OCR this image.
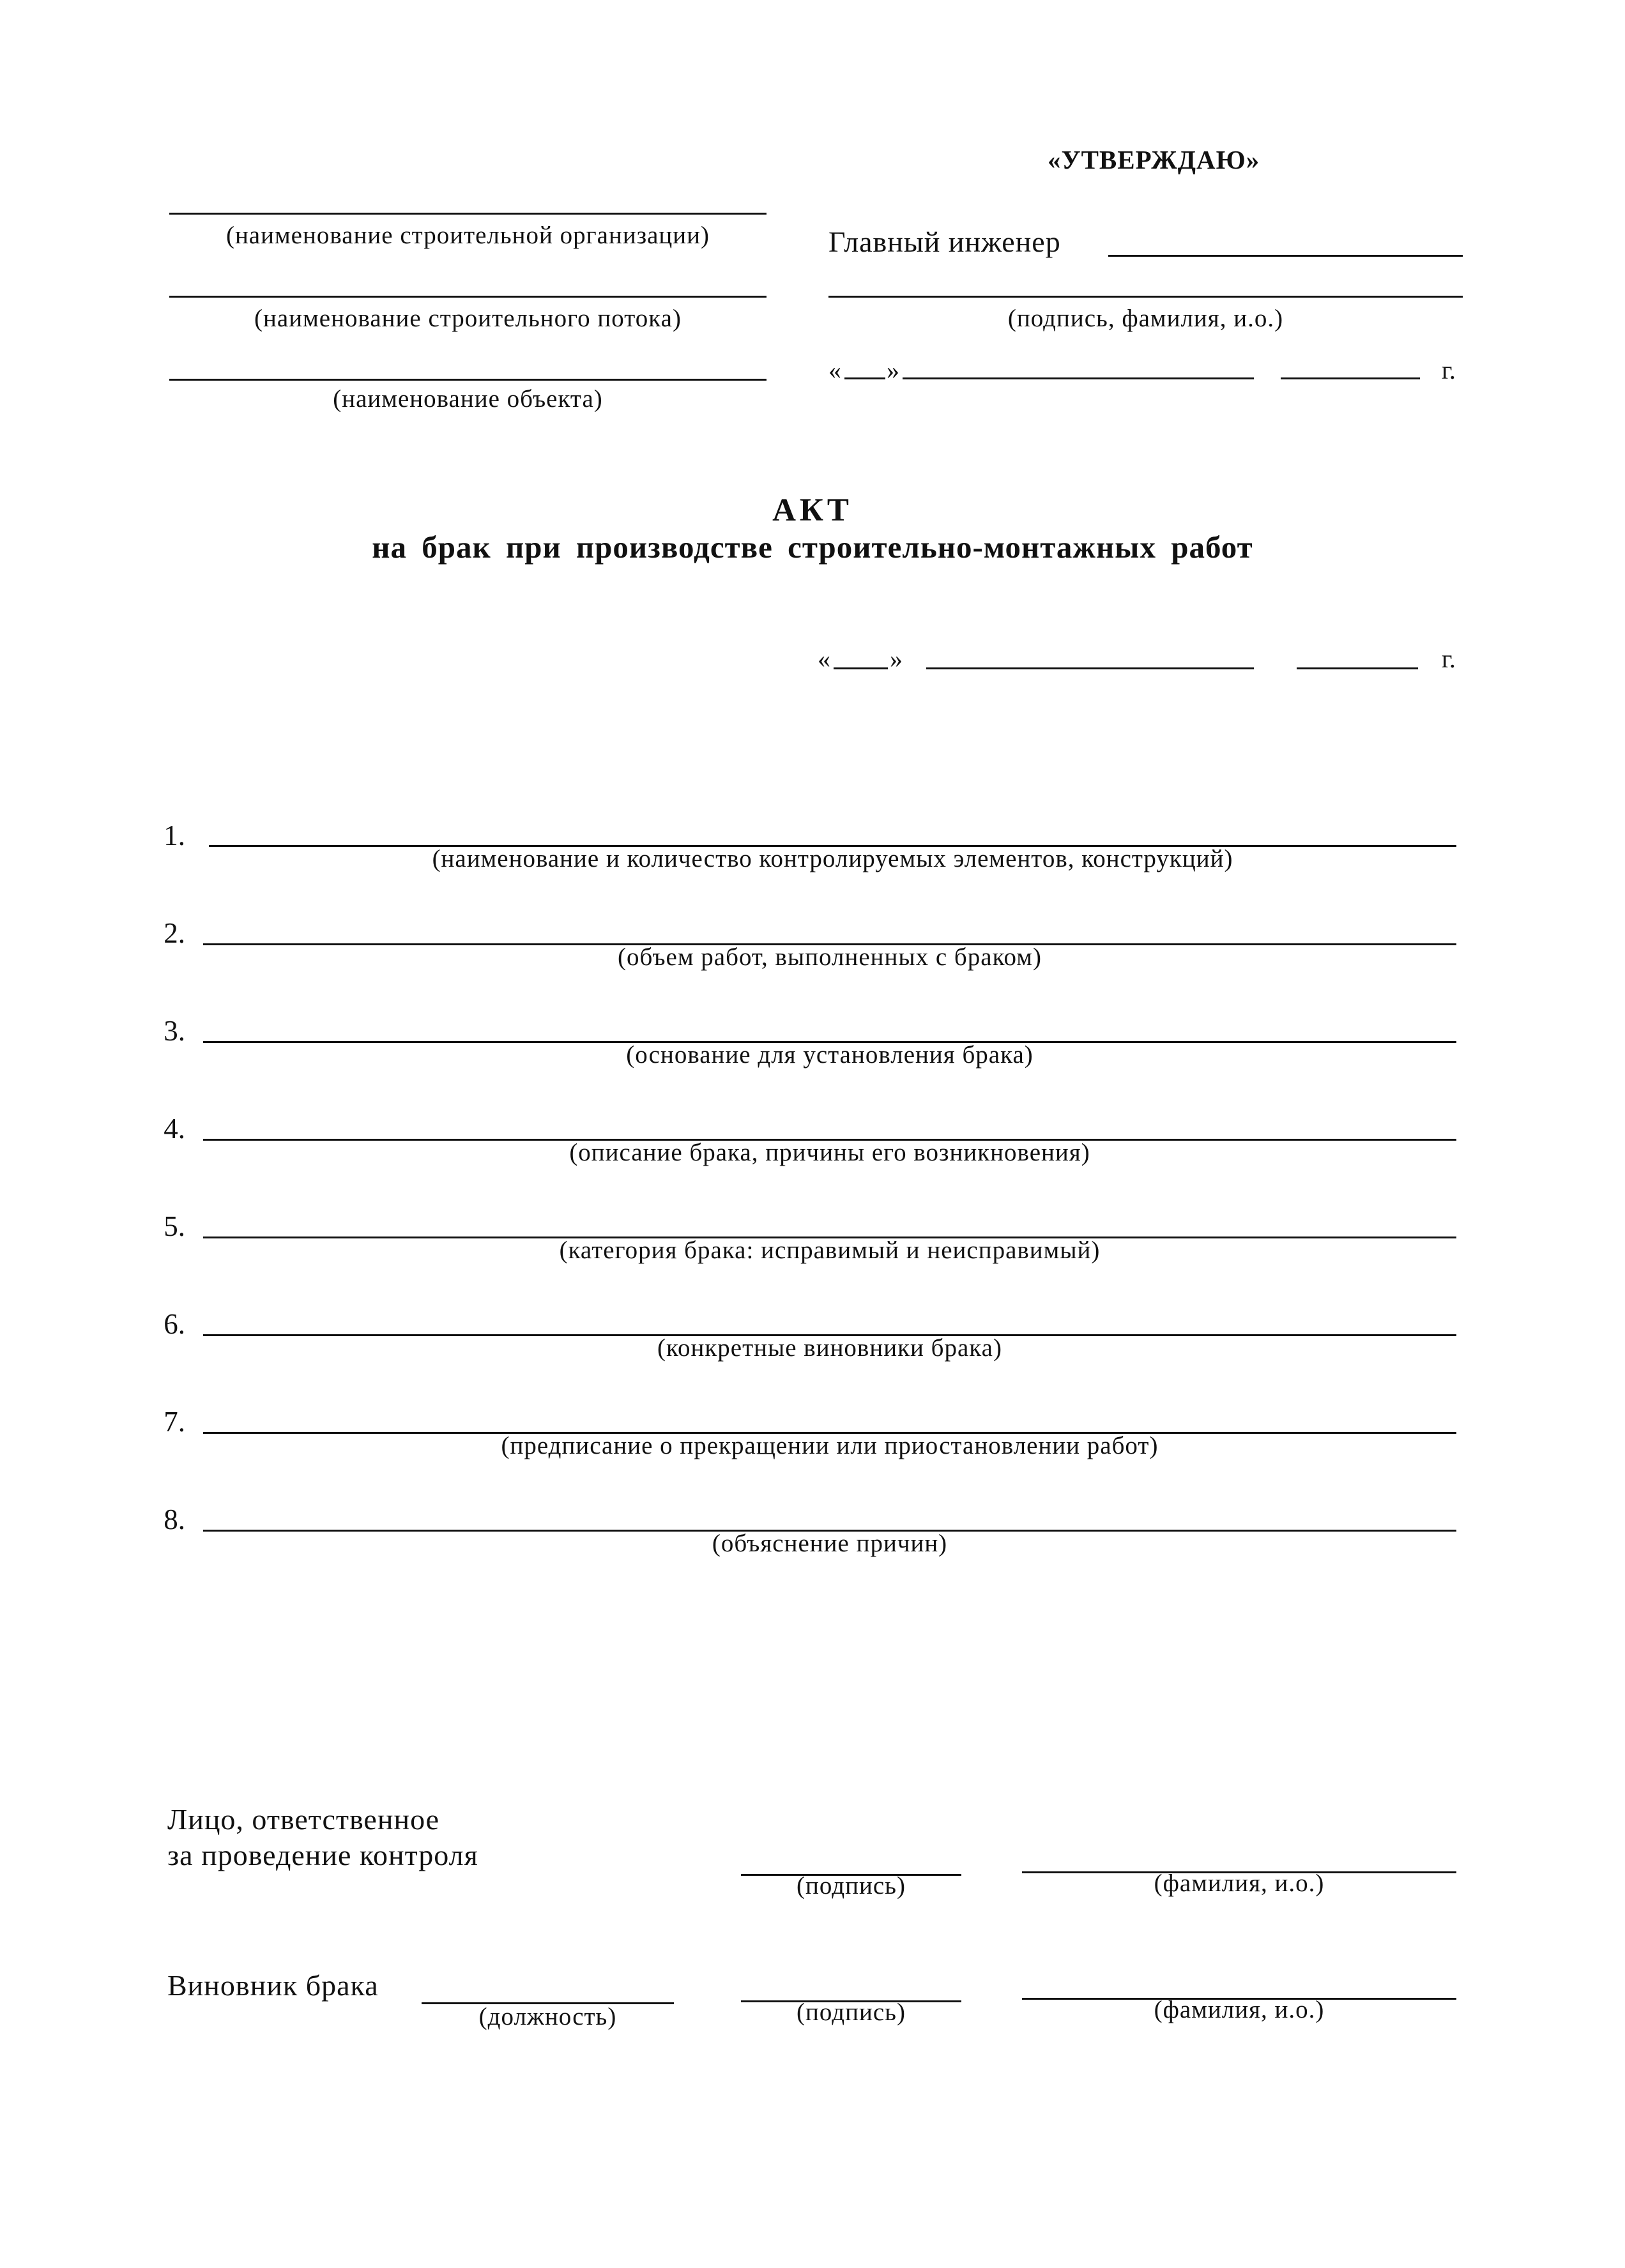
«УТВЕРЖДАЮ»
(наименование строительной организации)
(наименование строительного потока)
(наименование объекта)
Главный инженер
(подпись, фамилия, и.о.)
« »	г.
АКТ
на брак при производстве строительно-монтажных работ
« »	г.
1.
(наименование и количество контролируемых элементов, конструкций)
2.
(объем работ, выполненных с браком)
3.
(основание для установления брака)
4.
(описание брака, причины его возникновения)
5.
(категория брака: исправимый и неисправимый)
6.
(конкретные виновники брака)
7.
(предписание о прекращении или приостановлении работ)
8.
(объяснение причин)
Лицо, ответственное
за проведение контроля
(подпись)	(фамилия, и.о.)
Виновник брака
(должность)	(подпись)	(фамилия, и.о.)
